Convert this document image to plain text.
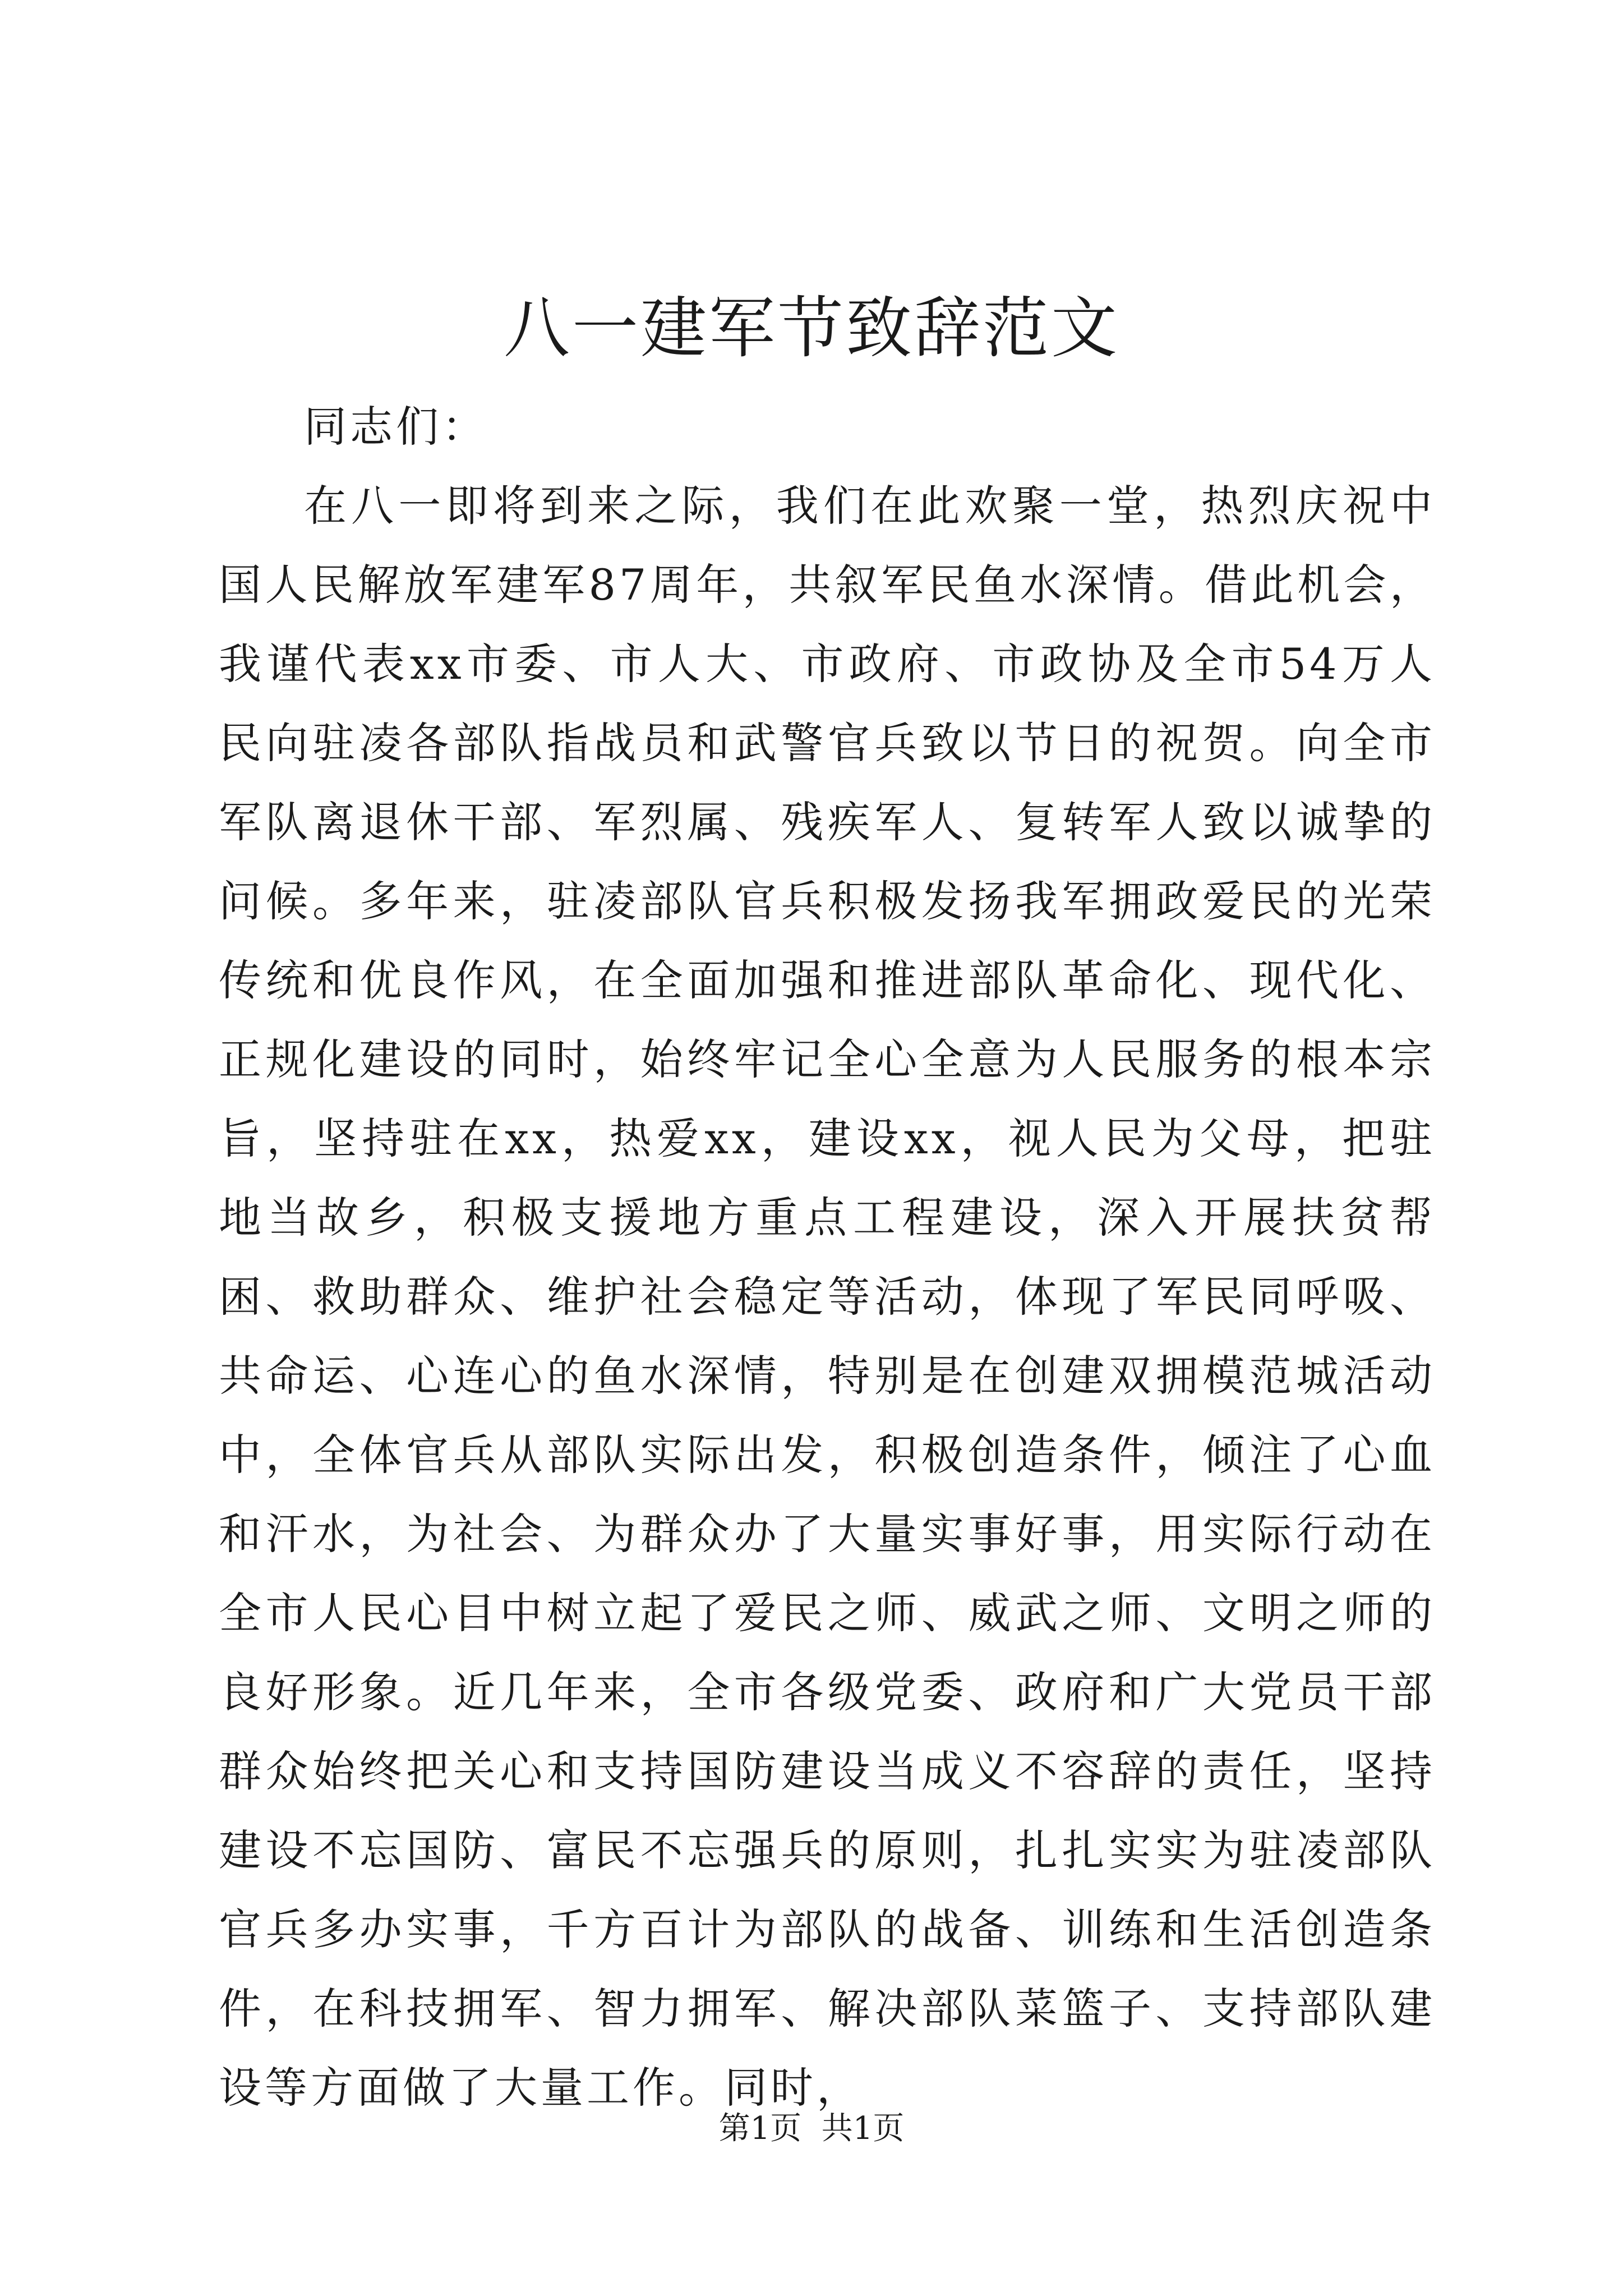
八一建军节致辞范文

同志们：

在八一即将到来之际，我们在此欢聚一堂，热烈庆祝中国人民解放军建军87周年，共叙军民鱼水深情。借此机会，我谨代表xx市委、市人大、市政府、市政协及全市54万人民向驻凌各部队指战员和武警官兵致以节日的祝贺。向全市军队离退休干部、军烈属、残疾军人、复转军人致以诚挚的问候。多年来，驻凌部队官兵积极发扬我军拥政爱民的光荣传统和优良作风，在全面加强和推进部队革命化、现代化、正规化建设的同时，始终牢记全心全意为人民服务的根本宗旨，坚持驻在xx，热爱xx，建设xx，视人民为父母，把驻地当故乡，积极支援地方重点工程建设，深入开展扶贫帮困、救助群众、维护社会稳定等活动，体现了军民同呼吸、共命运、心连心的鱼水深情，特别是在创建双拥模范城活动中，全体官兵从部队实际出发，积极创造条件，倾注了心血和汗水，为社会、为群众办了大量实事好事，用实际行动在全市人民心目中树立起了爱民之师、威武之师、文明之师的良好形象。近几年来，全市各级党委、政府和广大党员干部群众始终把关心和支持国防建设当成义不容辞的责任，坚持建设不忘国防、富民不忘强兵的原则，扎扎实实为驻凌部队官兵多办实事，千方百计为部队的战备、训练和生活创造条件，在科技拥军、智力拥军、解决部队菜篮子、支持部队建设等方面做了大量工作。同时，

第1页  共1页
